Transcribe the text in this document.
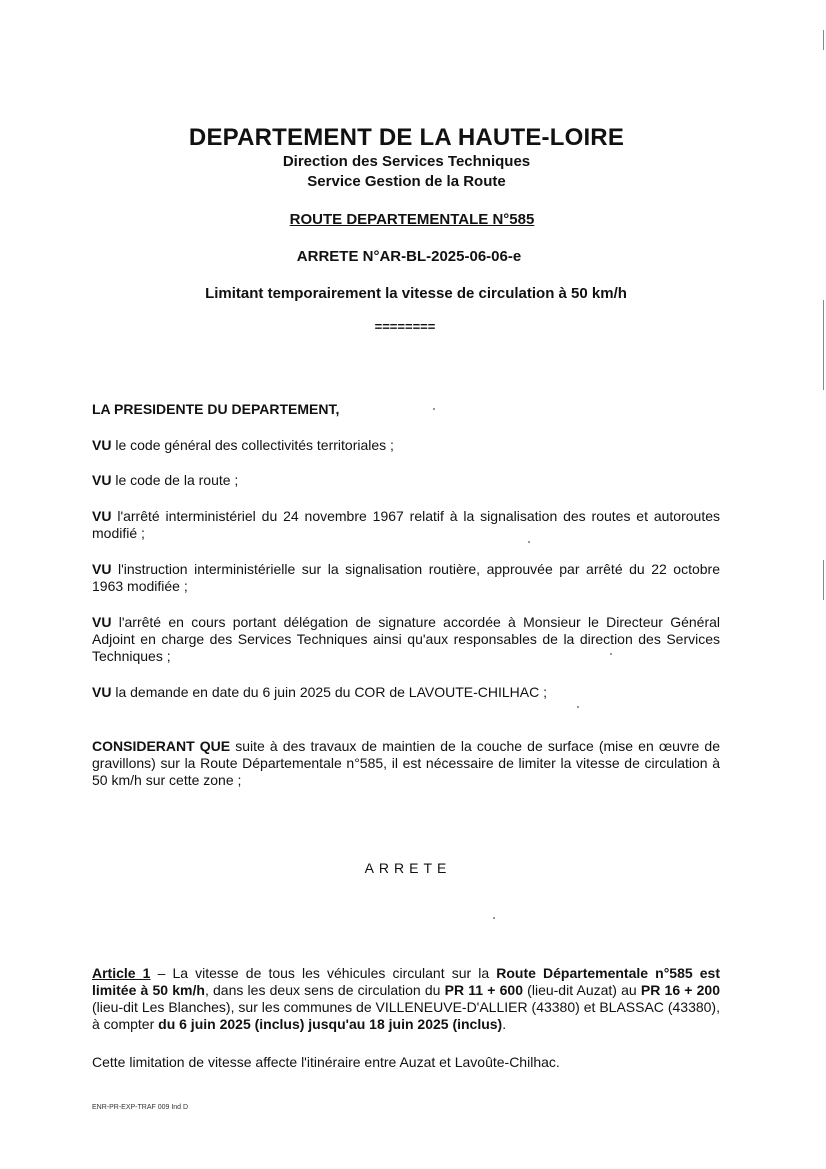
DEPARTEMENT DE LA HAUTE-LOIRE
Direction des Services Techniques
Service Gestion de la Route
ROUTE DEPARTEMENTALE N°585
ARRETE N°AR-BL-2025-06-06-e
Limitant temporairement la vitesse de circulation à 50 km/h
========
LA PRESIDENTE DU DEPARTEMENT,
VU le code général des collectivités territoriales ;
VU le code de la route ;
VU l'arrêté interministériel du 24 novembre 1967 relatif à la signalisation des routes et autoroutes modifié ;
VU l'instruction interministérielle sur la signalisation routière, approuvée par arrêté du 22 octobre 1963 modifiée ;
VU l'arrêté en cours portant délégation de signature accordée à Monsieur le Directeur Général Adjoint en charge des Services Techniques ainsi qu'aux responsables de la direction des Services Techniques ;
VU la demande en date du 6 juin 2025 du COR de LAVOUTE-CHILHAC ;
CONSIDERANT QUE suite à des travaux de maintien de la couche de surface (mise en œuvre de gravillons) sur la Route Départementale n°585, il est nécessaire de limiter la vitesse de circulation à 50 km/h sur cette zone ;
ARRETE
Article 1 – La vitesse de tous les véhicules circulant sur la Route Départementale n°585 est limitée à 50 km/h, dans les deux sens de circulation du PR 11 + 600 (lieu-dit Auzat) au PR 16 + 200 (lieu-dit Les Blanches), sur les communes de VILLENEUVE-D'ALLIER (43380) et BLASSAC (43380), à compter du 6 juin 2025 (inclus) jusqu'au 18 juin 2025 (inclus).
Cette limitation de vitesse affecte l'itinéraire entre Auzat et Lavoûte-Chilhac.
ENR-PR-EXP-TRAF 009 Ind D
